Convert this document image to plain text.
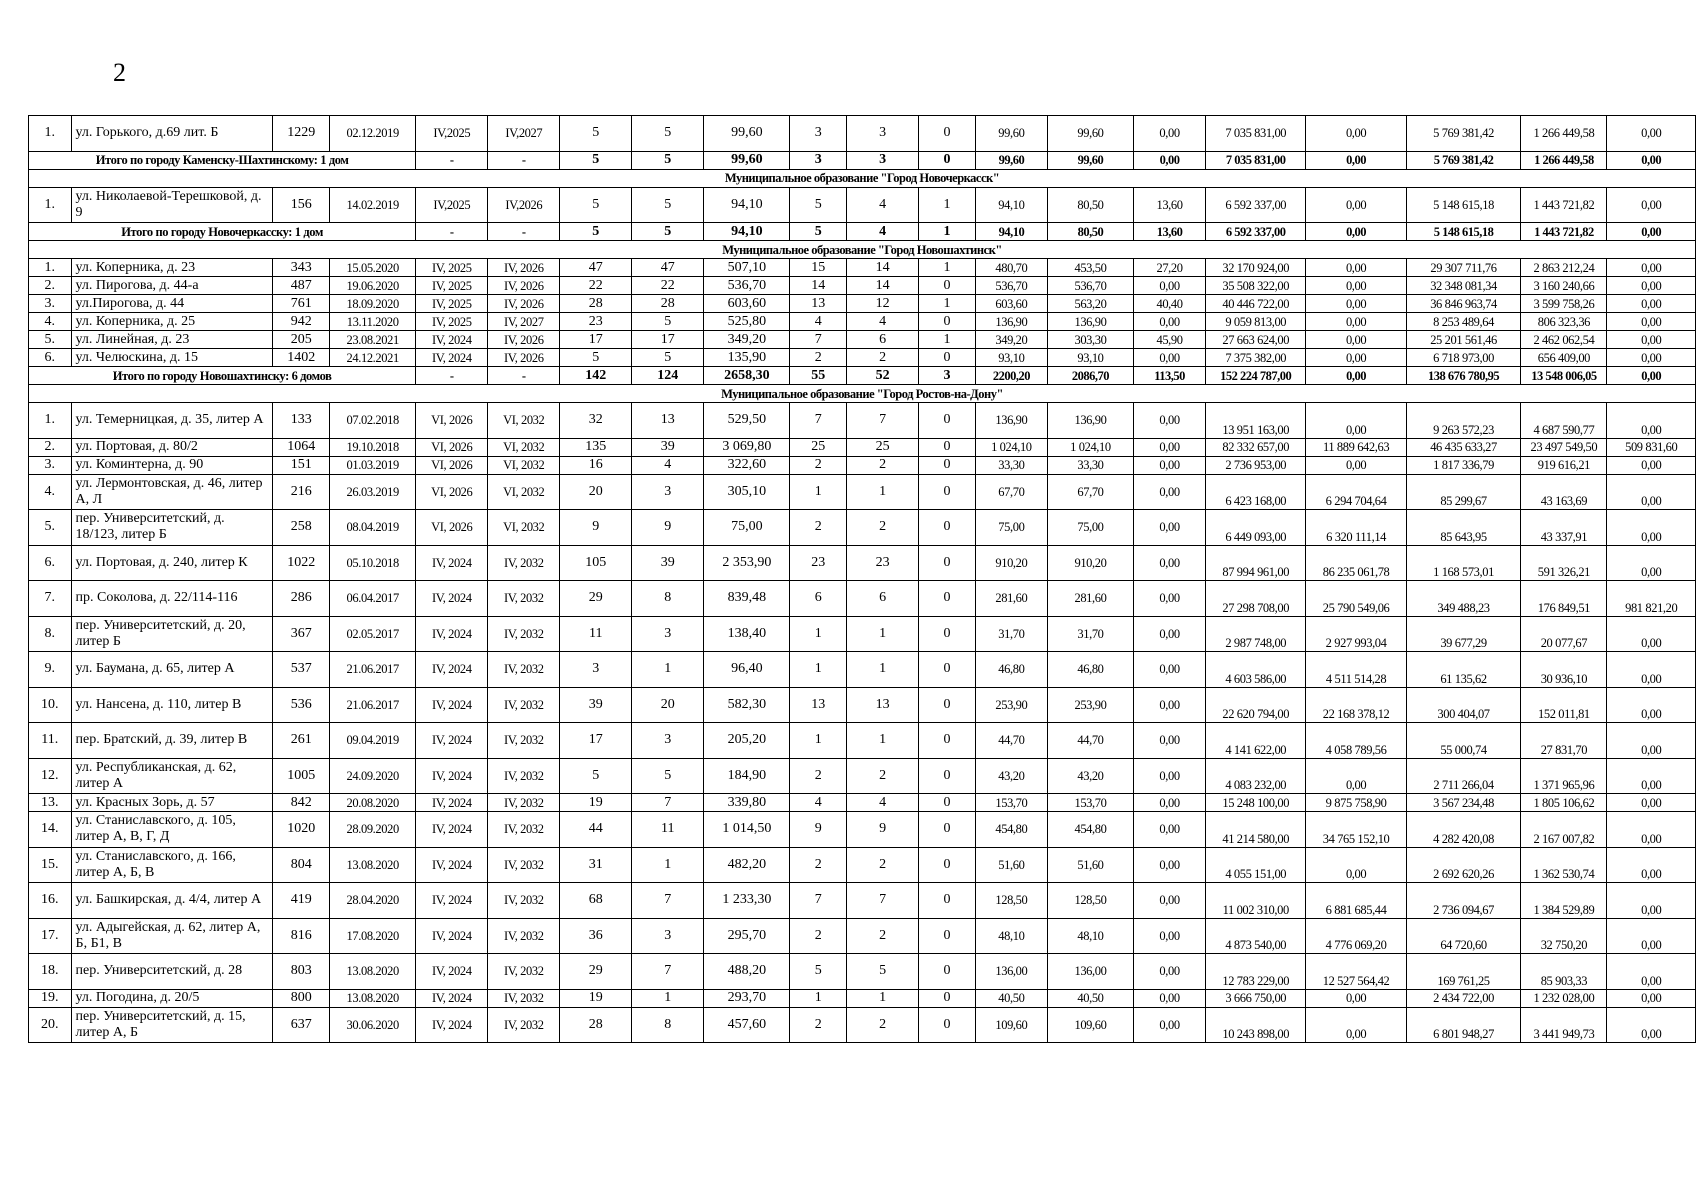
2
1.	ул. Горького, д.69 лит. Б	1229	02.12.2019	IV,2025	IV,2027	5	5	99,60	3	3	0	99,60	99,60	0,00	7 035 831,00	0,00	5 769 381,42	1 266 449,58	0,00
Итого по городу Каменску-Шахтинскому: 1 дом				-	-	5	5	99,60	3	3	0	99,60	99,60	0,00	7 035 831,00	0,00	5 769 381,42	1 266 449,58	0,00
Муниципальное образование "Город Новочеркасск"																			
1.	ул. Николаевой-Терешковой, д. 9	156	14.02.2019	IV,2025	IV,2026	5	5	94,10	5	4	1	94,10	80,50	13,60	6 592 337,00	0,00	5 148 615,18	1 443 721,82	0,00
Итого по городу Новочеркасску: 1 дом				-	-	5	5	94,10	5	4	1	94,10	80,50	13,60	6 592 337,00	0,00	5 148 615,18	1 443 721,82	0,00
Муниципальное образование "Город Новошахтинск"																			
1.	ул. Коперника, д. 23	343	15.05.2020	IV, 2025	IV, 2026	47	47	507,10	15	14	1	480,70	453,50	27,20	32 170 924,00	0,00	29 307 711,76	2 863 212,24	0,00
2.	ул. Пирогова, д. 44-а	487	19.06.2020	IV, 2025	IV, 2026	22	22	536,70	14	14	0	536,70	536,70	0,00	35 508 322,00	0,00	32 348 081,34	3 160 240,66	0,00
3.	ул.Пирогова, д. 44	761	18.09.2020	IV, 2025	IV, 2026	28	28	603,60	13	12	1	603,60	563,20	40,40	40 446 722,00	0,00	36 846 963,74	3 599 758,26	0,00
4.	ул. Коперника, д. 25	942	13.11.2020	IV, 2025	IV, 2027	23	5	525,80	4	4	0	136,90	136,90	0,00	9 059 813,00	0,00	8 253 489,64	806 323,36	0,00
5.	ул. Линейная, д. 23	205	23.08.2021	IV, 2024	IV, 2026	17	17	349,20	7	6	1	349,20	303,30	45,90	27 663 624,00	0,00	25 201 561,46	2 462 062,54	0,00
6.	ул. Челюскина, д. 15	1402	24.12.2021	IV, 2024	IV, 2026	5	5	135,90	2	2	0	93,10	93,10	0,00	7 375 382,00	0,00	6 718 973,00	656 409,00	0,00
Итого по городу Новошахтинску: 6 домов				-	-	142	124	2658,30	55	52	3	2200,20	2086,70	113,50	152 224 787,00	0,00	138 676 780,95	13 548 006,05	0,00
Муниципальное образование "Город Ростов-на-Дону"																			
1.	ул. Темерницкая, д. 35, литер А	133	07.02.2018	VI, 2026	VI, 2032	32	13	529,50	7	7	0	136,90	136,90	0,00	13 951 163,00	0,00	9 263 572,23	4 687 590,77	0,00
2.	ул. Портовая, д. 80/2	1064	19.10.2018	VI, 2026	VI, 2032	135	39	3 069,80	25	25	0	1 024,10	1 024,10	0,00	82 332 657,00	11 889 642,63	46 435 633,27	23 497 549,50	509 831,60
3.	ул. Коминтерна, д. 90	151	01.03.2019	VI, 2026	VI, 2032	16	4	322,60	2	2	0	33,30	33,30	0,00	2 736 953,00	0,00	1 817 336,79	919 616,21	0,00
4.	ул. Лермонтовская, д. 46, литер А, Л	216	26.03.2019	VI, 2026	VI, 2032	20	3	305,10	1	1	0	67,70	67,70	0,00	6 423 168,00	6 294 704,64	85 299,67	43 163,69	0,00
5.	пер. Университетский, д. 18/123, литер Б	258	08.04.2019	VI, 2026	VI, 2032	9	9	75,00	2	2	0	75,00	75,00	0,00	6 449 093,00	6 320 111,14	85 643,95	43 337,91	0,00
6.	ул. Портовая, д. 240, литер К	1022	05.10.2018	IV, 2024	IV, 2032	105	39	2 353,90	23	23	0	910,20	910,20	0,00	87 994 961,00	86 235 061,78	1 168 573,01	591 326,21	0,00
7.	пр. Соколова, д. 22/114-116	286	06.04.2017	IV, 2024	IV, 2032	29	8	839,48	6	6	0	281,60	281,60	0,00	27 298 708,00	25 790 549,06	349 488,23	176 849,51	981 821,20
8.	пер. Университетский, д. 20, литер Б	367	02.05.2017	IV, 2024	IV, 2032	11	3	138,40	1	1	0	31,70	31,70	0,00	2 987 748,00	2 927 993,04	39 677,29	20 077,67	0,00
9.	ул. Баумана, д. 65, литер А	537	21.06.2017	IV, 2024	IV, 2032	3	1	96,40	1	1	0	46,80	46,80	0,00	4 603 586,00	4 511 514,28	61 135,62	30 936,10	0,00
10.	ул. Нансена, д. 110, литер В	536	21.06.2017	IV, 2024	IV, 2032	39	20	582,30	13	13	0	253,90	253,90	0,00	22 620 794,00	22 168 378,12	300 404,07	152 011,81	0,00
11.	пер. Братский, д. 39, литер В	261	09.04.2019	IV, 2024	IV, 2032	17	3	205,20	1	1	0	44,70	44,70	0,00	4 141 622,00	4 058 789,56	55 000,74	27 831,70	0,00
12.	ул. Республиканская, д. 62, литер А	1005	24.09.2020	IV, 2024	IV, 2032	5	5	184,90	2	2	0	43,20	43,20	0,00	4 083 232,00	0,00	2 711 266,04	1 371 965,96	0,00
13.	ул. Красных Зорь, д. 57	842	20.08.2020	IV, 2024	IV, 2032	19	7	339,80	4	4	0	153,70	153,70	0,00	15 248 100,00	9 875 758,90	3 567 234,48	1 805 106,62	0,00
14.	ул. Станиславского, д. 105, литер А, В, Г, Д	1020	28.09.2020	IV, 2024	IV, 2032	44	11	1 014,50	9	9	0	454,80	454,80	0,00	41 214 580,00	34 765 152,10	4 282 420,08	2 167 007,82	0,00
15.	ул. Станиславского, д. 166, литер А, Б, В	804	13.08.2020	IV, 2024	IV, 2032	31	1	482,20	2	2	0	51,60	51,60	0,00	4 055 151,00	0,00	2 692 620,26	1 362 530,74	0,00
16.	ул. Башкирская, д. 4/4, литер А	419	28.04.2020	IV, 2024	IV, 2032	68	7	1 233,30	7	7	0	128,50	128,50	0,00	11 002 310,00	6 881 685,44	2 736 094,67	1 384 529,89	0,00
17.	ул. Адыгейская, д. 62, литер А, Б, Б1, В	816	17.08.2020	IV, 2024	IV, 2032	36	3	295,70	2	2	0	48,10	48,10	0,00	4 873 540,00	4 776 069,20	64 720,60	32 750,20	0,00
18.	пер. Университетский, д. 28	803	13.08.2020	IV, 2024	IV, 2032	29	7	488,20	5	5	0	136,00	136,00	0,00	12 783 229,00	12 527 564,42	169 761,25	85 903,33	0,00
19.	ул. Погодина, д. 20/5	800	13.08.2020	IV, 2024	IV, 2032	19	1	293,70	1	1	0	40,50	40,50	0,00	3 666 750,00	0,00	2 434 722,00	1 232 028,00	0,00
20.	пер. Университетский, д. 15, литер А, Б	637	30.06.2020	IV, 2024	IV, 2032	28	8	457,60	2	2	0	109,60	109,60	0,00	10 243 898,00	0,00	6 801 948,27	3 441 949,73	0,00
